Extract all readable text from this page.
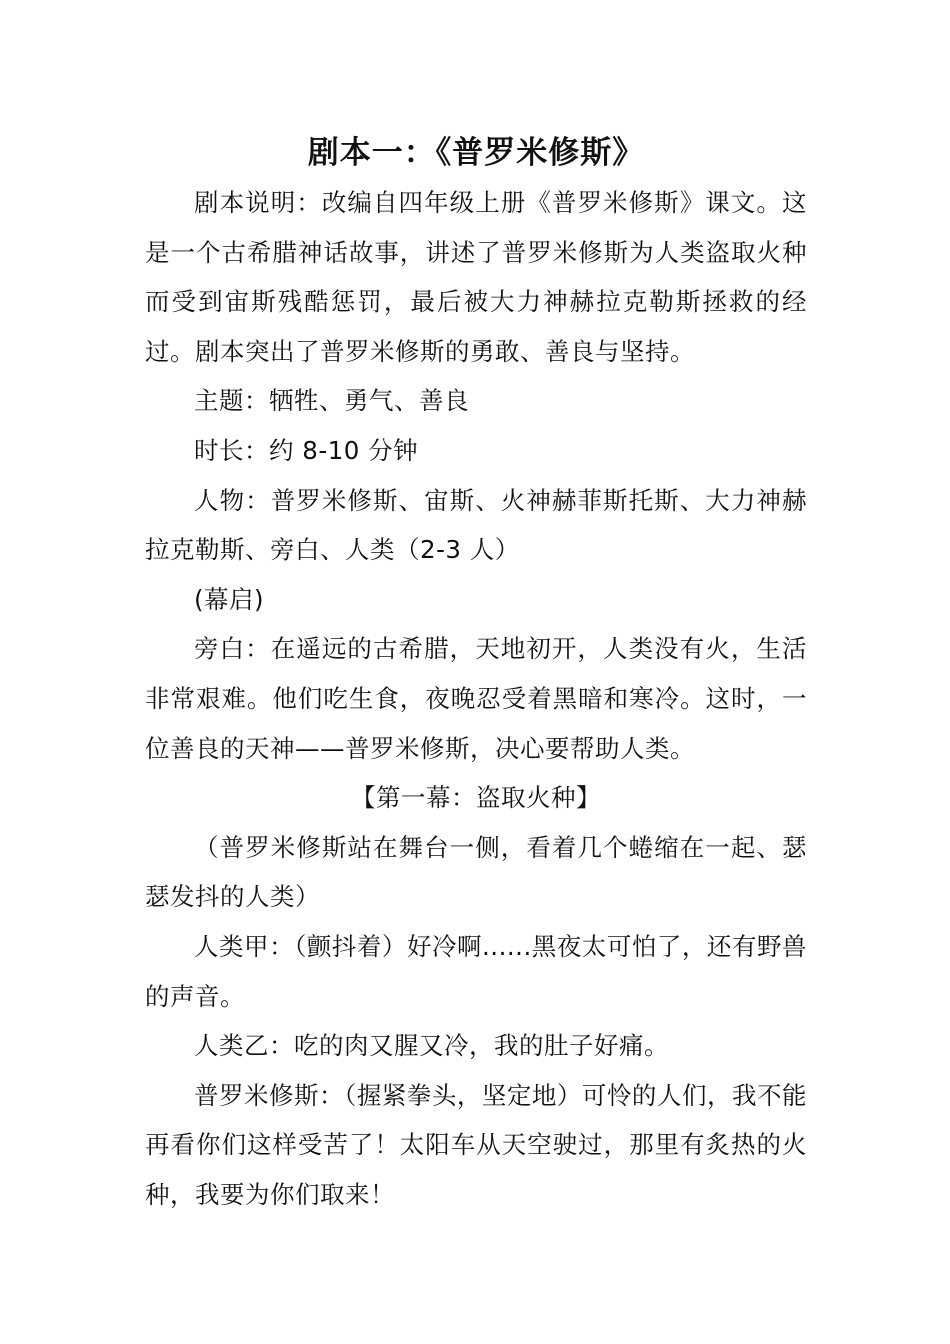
剧本一：《普罗米修斯》

剧本说明：改编自四年级上册《普罗米修斯》课文。这是一个古希腊神话故事，讲述了普罗米修斯为人类盗取火种而受到宙斯残酷惩罚，最后被大力神赫拉克勒斯拯救的经过。剧本突出了普罗米修斯的勇敢、善良与坚持。

主题：牺牲、勇气、善良

时长：约 8-10 分钟

人物：普罗米修斯、宙斯、火神赫菲斯托斯、大力神赫拉克勒斯、旁白、人类（2-3 人）

(幕启)

旁白：在遥远的古希腊，天地初开，人类没有火，生活非常艰难。他们吃生食，夜晚忍受着黑暗和寒冷。这时，一位善良的天神——普罗米修斯，决心要帮助人类。

【第一幕：盗取火种】

（普罗米修斯站在舞台一侧，看着几个蜷缩在一起、瑟瑟发抖的人类）

人类甲：（颤抖着）好冷啊......黑夜太可怕了，还有野兽的声音。

人类乙：吃的肉又腥又冷，我的肚子好痛。

普罗米修斯：（握紧拳头，坚定地）可怜的人们，我不能再看你们这样受苦了！太阳车从天空驶过，那里有炙热的火种，我要为你们取来！
